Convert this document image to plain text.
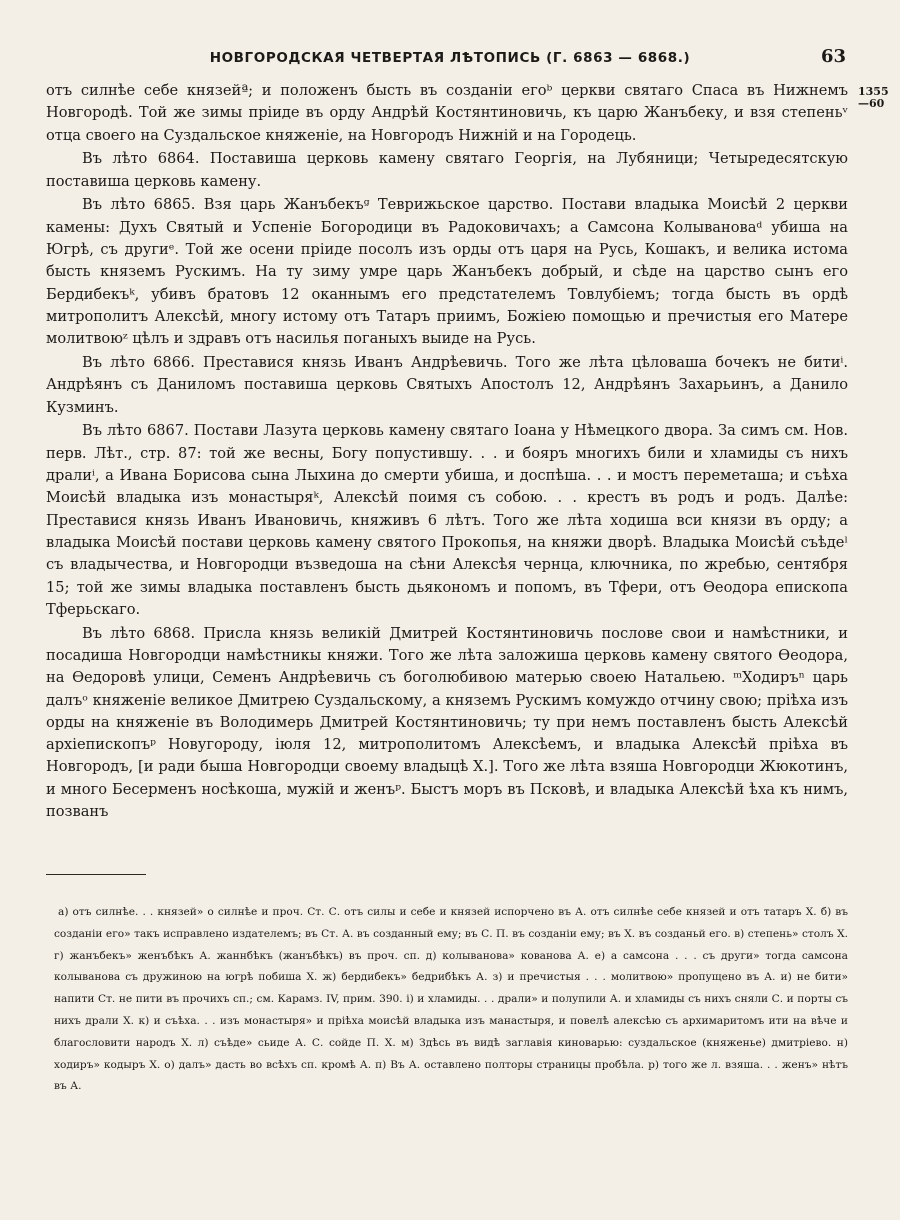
НОВГОРОДСКАЯ ЧЕТВЕРТАЯ ЛѢТОПИСЬ (Г. 6863 — 6868.)	63
1355
—60

отъ силнѣе себе князейª; и положенъ бысть въ созданіи егоᵇ церкви святаго Спаса въ Нижнемъ Новгородѣ. Той же зимы пріиде въ орду Андрѣй Костянтиновичь, къ царю Жанъбеку, и взя степеньᵛ отца своего на Суздальское княженіе, на Новгородъ Нижній и на Городець.

Въ лѣто 6864. Поставиша церковь камену святаго Георгія, на Лубяници; Четыредесятскую поставиша церковь камену.

Въ лѣто 6865. Взя царь Жанъбекъᵍ Теврижьское царство. Постави владыка Моисѣй 2 церкви камены: Духъ Святый и Успеніе Богородици въ Радоковичахъ; а Самсона Колывановаᵈ убиша на Югрѣ, съ другиᵉ. Той же осени пріиде посолъ изъ орды отъ царя на Русь, Кошакъ, и велика истома бысть княземъ Рускимъ. На ту зиму умре царь Жанъбекъ добрый, и сѣде на царство сынъ его Бердибекъᵏ, убивъ братовъ 12 оканнымъ его предстателемъ Товлубіемъ; тогда бысть въ ордѣ митрополитъ Алексѣй, многу истому отъ Татаръ приимъ, Божіею помощью и пречистыя его Матере молитвоюᶻ цѣлъ и здравъ отъ насилья поганыхъ выиде на Русь.

Въ лѣто 6866. Преставися князь Иванъ Андрѣевичь. Того же лѣта цѣловаша бочекъ не битиⁱ. Андрѣянъ съ Даниломъ поставиша церковь Святыхъ Апостолъ 12, Андрѣянъ Захарьинъ, а Данило Кузминъ.

Въ лѣто 6867. Постави Лазута церковь камену святаго Іоана у Нѣмецкого двора. За симъ см. Нов. перв. Лѣт., стр. 87: той же весны, Богу попустившу. . . и бояръ многихъ били и хламиды съ нихъ дралиⁱ, а Ивана Борисова сына Лыхина до смерти убиша, и доспѣша. . . и мостъ переметаша; и съѣха Моисѣй владыка изъ монастыряᵏ, Алексѣй поимя съ собою. . . крестъ въ родъ и родъ. Далѣе: Преставися князь Иванъ Ивановичь, княживъ 6 лѣтъ. Того же лѣта ходиша вси князи въ орду; а владыка Моисѣй постави церковь камену святого Прокопья, на княжи дворѣ. Владыка Моисѣй съѣдеˡ съ владычества, и Новгородци възведоша на сѣни Алексѣя чернца, ключника, по жребью, сентября 15; той же зимы владыка поставленъ бысть дьякономъ и попомъ, въ Тфери, отъ Ѳеодора епископа Тферьскаго.

Въ лѣто 6868. Присла князь великій Дмитрей Костянтиновичь послове свои и намѣстники, и посадиша Новгородци намѣстникы княжи. Того же лѣта заложиша церковь камену святого Ѳеодора, на Ѳедоровѣ улици, Семенъ Андрѣевичь съ боголюбивою матерью своею Натальею. ᵐХодиръⁿ царь далъᵒ княженіе великое Дмитрею Суздальскому, а княземъ Рускимъ комуждо отчину свою; пріѣха изъ орды на княженіе въ Володимерь Дмитрей Костянтиновичь; ту при немъ поставленъ бысть Алексѣй архіепископъᵖ Новугороду, іюля 12, митрополитомъ Алексѣемъ, и владыка Алексѣй пріѣха въ Новгородъ, [и ради быша Новгородци своему владыцѣ Х.]. Того же лѣта взяша Новгородци Жюкотинъ, и много Бесерменъ носѣкоша, мужій и женъᵖ. Быстъ моръ въ Псковѣ, и владыка Алексѣй ѣха къ нимъ, позванъ

а) отъ силнѣе. . . князей» о силнѣе и проч. Ст. С. отъ силы и себе и князей испорчено въ А. отъ силнѣе себе князей и отъ татаръ Х. б) въ созданіи его» такъ исправлено издателемъ; въ Ст. А. въ созданный ему; въ С. П. въ созданіи ему; въ Х. въ созданьй его. в) степень» столъ Х. г) жанъбекъ» женъбѣкъ А. жаннбѣкъ (жанъбѣкъ) въ проч. сп. д) колыванова» кованова А. е) а самсона . . . съ други» тогда самсона колыванова съ дружиною на югрѣ побиша Х. ж) бердибекъ» бедрибѣкъ А. з) и пречистыя . . . молитвою» пропущено въ А. и) не бити» напити Ст. не пити въ прочихъ сп.; см. Карамз. IV, прим. 390. і) и хламиды. . . драли» и полупили А. и хламиды съ нихъ сняли С. и порты съ нихъ драли Х. к) и съѣха. . . изъ монастыря» и пріѣха моисѣй владыка изъ манастыря, и повелѣ алексѣю съ архимаритомъ ити на вѣче и благословити народъ Х. л) съѣде» сьиде А. С. сойде П. Х. м) Здѣсь въ видѣ заглавія киноварью: суздальское (княженье) дмитріево. н) ходиръ» кодыръ Х. о) далъ» дасть во всѣхъ сп. кромѣ А. п) Въ А. оставлено полторы страницы пробѣла. р) того же л. взяша. . . женъ» нѣтъ въ А.
